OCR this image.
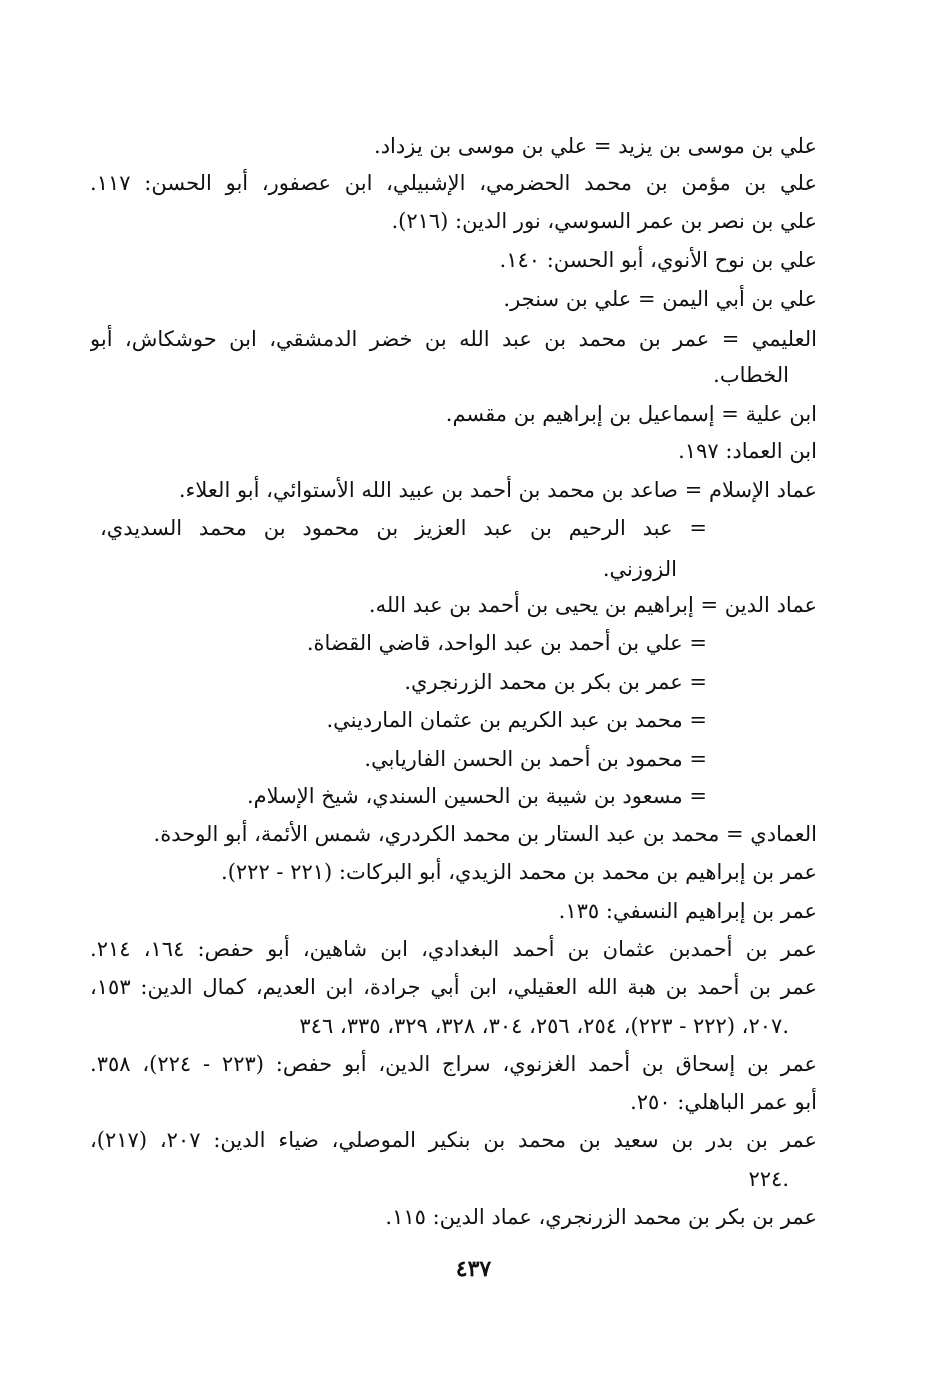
علي بن موسى بن يزيد = علي بن موسى بن يزداد.
علي بن مؤمن بن محمد الحضرمي، الإشبيلي، ابن عصفور، أبو الحسن: ١١٧.
علي بن نصر بن عمر السوسي، نور الدين: (٢١٦).
علي بن نوح الأنوي، أبو الحسن: ١٤٠.
علي بن أبي اليمن = علي بن سنجر.
العليمي = عمر بن محمد بن عبد الله بن خضر الدمشقي، ابن حوشكاش، أبو
الخطاب.
ابن علية = إسماعيل بن إبراهيم بن مقسم.
ابن العماد: ١٩٧.
عماد الإسلام = صاعد بن محمد بن أحمد بن عبيد الله الأستوائي، أبو العلاء.
= عبد الرحيم بن عبد العزيز بن محمود بن محمد السديدي،
الزوزني.
عماد الدين = إبراهيم بن يحيى بن أحمد بن عبد الله.
= علي بن أحمد بن عبد الواحد، قاضي القضاة.
= عمر بن بكر بن محمد الزرنجري.
= محمد بن عبد الكريم بن عثمان المارديني.
= محمود بن أحمد بن الحسن الفاريابي.
= مسعود بن شيبة بن الحسين السندي، شيخ الإسلام.
العمادي = محمد بن عبد الستار بن محمد الكردري، شمس الأئمة، أبو الوحدة.
عمر بن إبراهيم بن محمد بن محمد الزيدي، أبو البركات: (٢٢١ - ٢٢٢).
عمر بن إبراهيم النسفي: ١٣٥.
عمر بن أحمدبن عثمان بن أحمد البغدادي، ابن شاهين، أبو حفص: ١٦٤، ٢١٤.
عمر بن أحمد بن هبة الله العقيلي، ابن أبي جرادة، ابن العديم، كمال الدين: ١٥٣،
٢٠٧، (٢٢٢ - ٢٢٣)، ٢٥٤، ٢٥٦، ٣٠٤، ٣٢٨، ٣٢٩، ٣٣٥، ٣٤٦.
عمر بن إسحاق بن أحمد الغزنوي، سراج الدين، أبو حفص: (٢٢٣ - ٢٢٤)، ٣٥٨.
أبو عمر الباهلي: ٢٥٠.
عمر بن بدر بن سعيد بن محمد بن بنكير الموصلي، ضياء الدين: ٢٠٧، (٢١٧)،
٢٢٤.
عمر بن بكر بن محمد الزرنجري، عماد الدين: ١١٥.
٤٣٧
